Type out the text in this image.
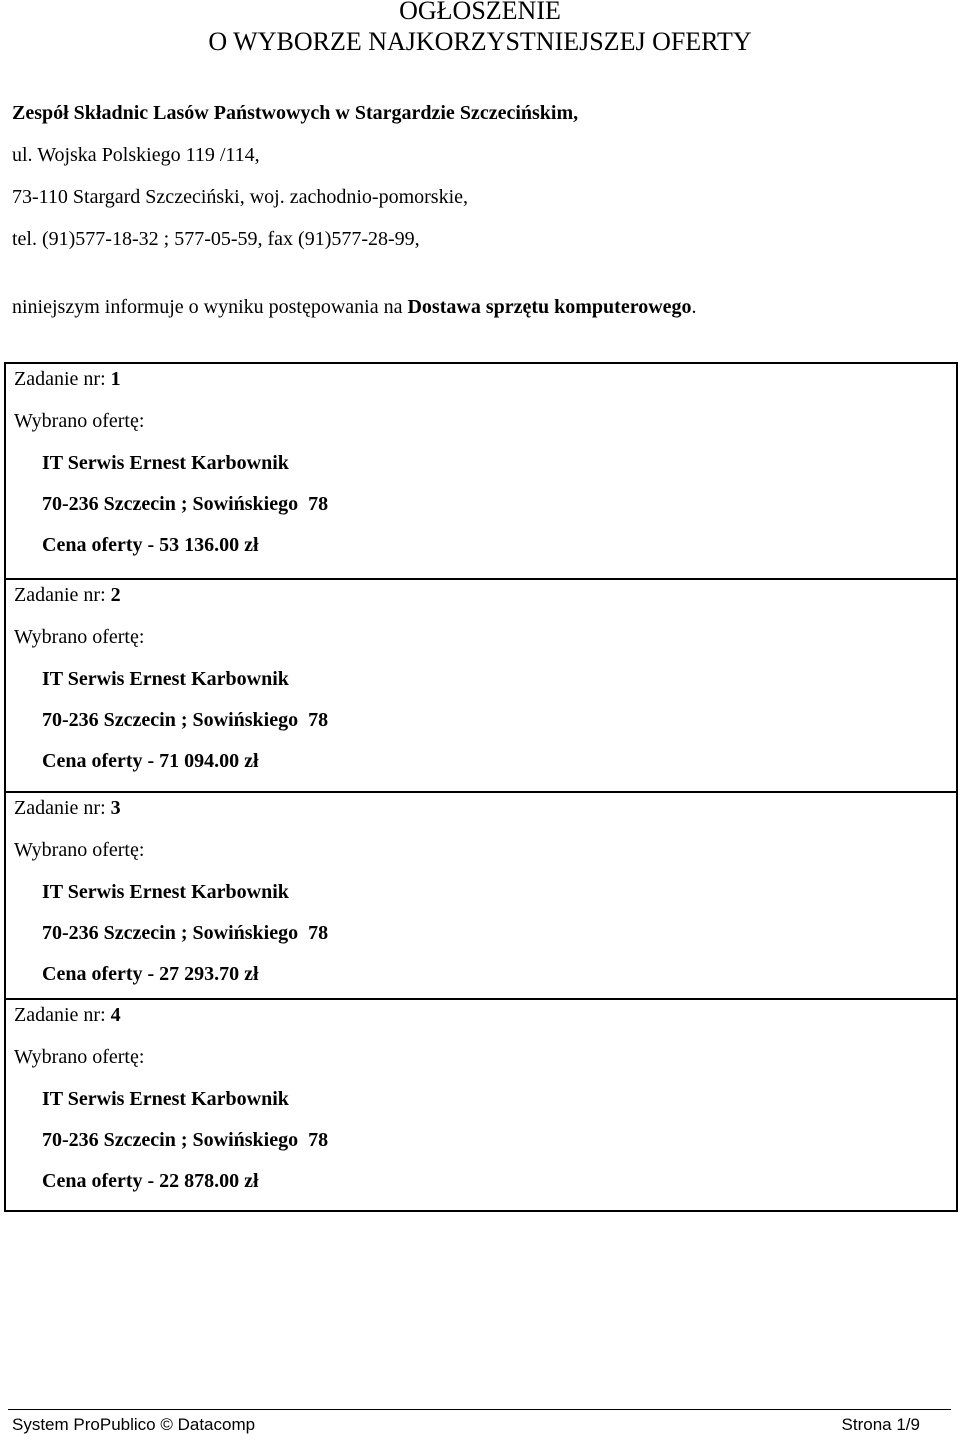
OGŁOSZENIE
O WYBORZE NAJKORZYSTNIEJSZEJ OFERTY
Zespół Składnic Lasów Państwowych w Stargardzie Szczecińskim,
ul. Wojska Polskiego 119 /114,
73-110 Stargard Szczeciński, woj. zachodnio-pomorskie,
tel. (91)577-18-32 ; 577-05-59, fax (91)577-28-99,
niniejszym informuje o wyniku postępowania na Dostawa sprzętu komputerowego.
Zadanie nr: 1
Wybrano ofertę:
IT Serwis Ernest Karbownik
70-236 Szczecin ; Sowińskiego  78
Cena oferty - 53 136.00 zł
Zadanie nr: 2
Wybrano ofertę:
IT Serwis Ernest Karbownik
70-236 Szczecin ; Sowińskiego  78
Cena oferty - 71 094.00 zł
Zadanie nr: 3
Wybrano ofertę:
IT Serwis Ernest Karbownik
70-236 Szczecin ; Sowińskiego  78
Cena oferty - 27 293.70 zł
Zadanie nr: 4
Wybrano ofertę:
IT Serwis Ernest Karbownik
70-236 Szczecin ; Sowińskiego  78
Cena oferty - 22 878.00 zł
System ProPublico © Datacomp	Strona 1/9
